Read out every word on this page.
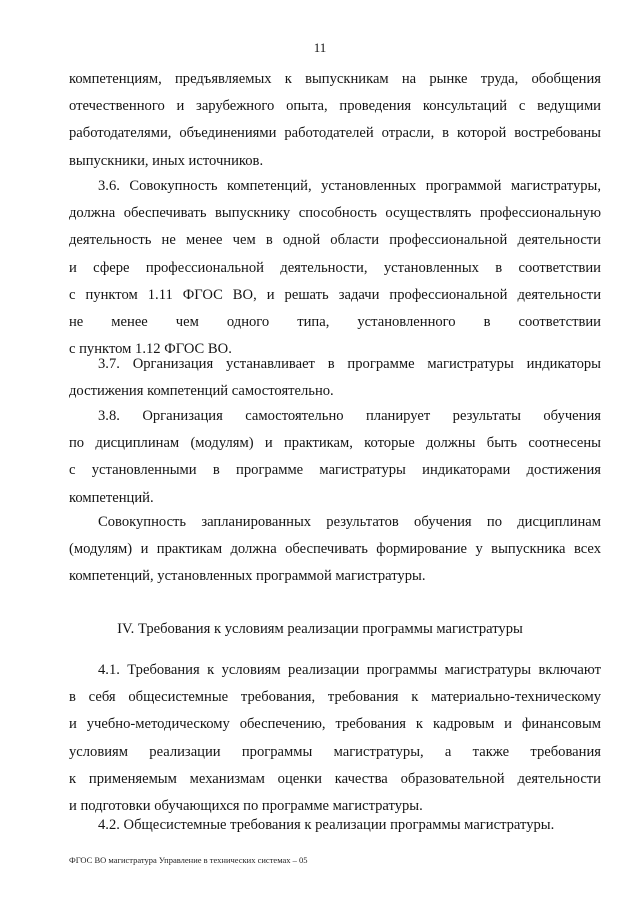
11
компетенциям, предъявляемых к выпускникам на рынке труда, обобщения
отечественного и зарубежного опыта, проведения консультаций с ведущими
работодателями, объединениями работодателей отрасли, в которой востребованы
выпускники, иных источников.
3.6. Совокупность компетенций, установленных программой магистратуры,
должна обеспечивать выпускнику способность осуществлять профессиональную
деятельность не менее чем в одной области профессиональной деятельности
и сфере профессиональной деятельности, установленных в соответствии
с пунктом 1.11 ФГОС ВО, и решать задачи профессиональной деятельности
не менее чем одного типа, установленного в соответствии
с пунктом 1.12 ФГОС ВО.
3.7. Организация устанавливает в программе магистратуры индикаторы
достижения компетенций самостоятельно.
3.8. Организация самостоятельно планирует результаты обучения
по дисциплинам (модулям) и практикам, которые должны быть соотнесены
с установленными в программе магистратуры индикаторами достижения
компетенций.
Совокупность запланированных результатов обучения по дисциплинам
(модулям) и практикам должна обеспечивать формирование у выпускника всех
компетенций, установленных программой магистратуры.
IV. Требования к условиям реализации программы магистратуры
4.1. Требования к условиям реализации программы магистратуры включают
в себя общесистемные требования, требования к материально-техническому
и учебно-методическому обеспечению, требования к кадровым и финансовым
условиям реализации программы магистратуры, а также требования
к применяемым механизмам оценки качества образовательной деятельности
и подготовки обучающихся по программе магистратуры.
4.2. Общесистемные требования к реализации программы магистратуры.
ФГОС ВО магистратура Управление в технических системах – 05
